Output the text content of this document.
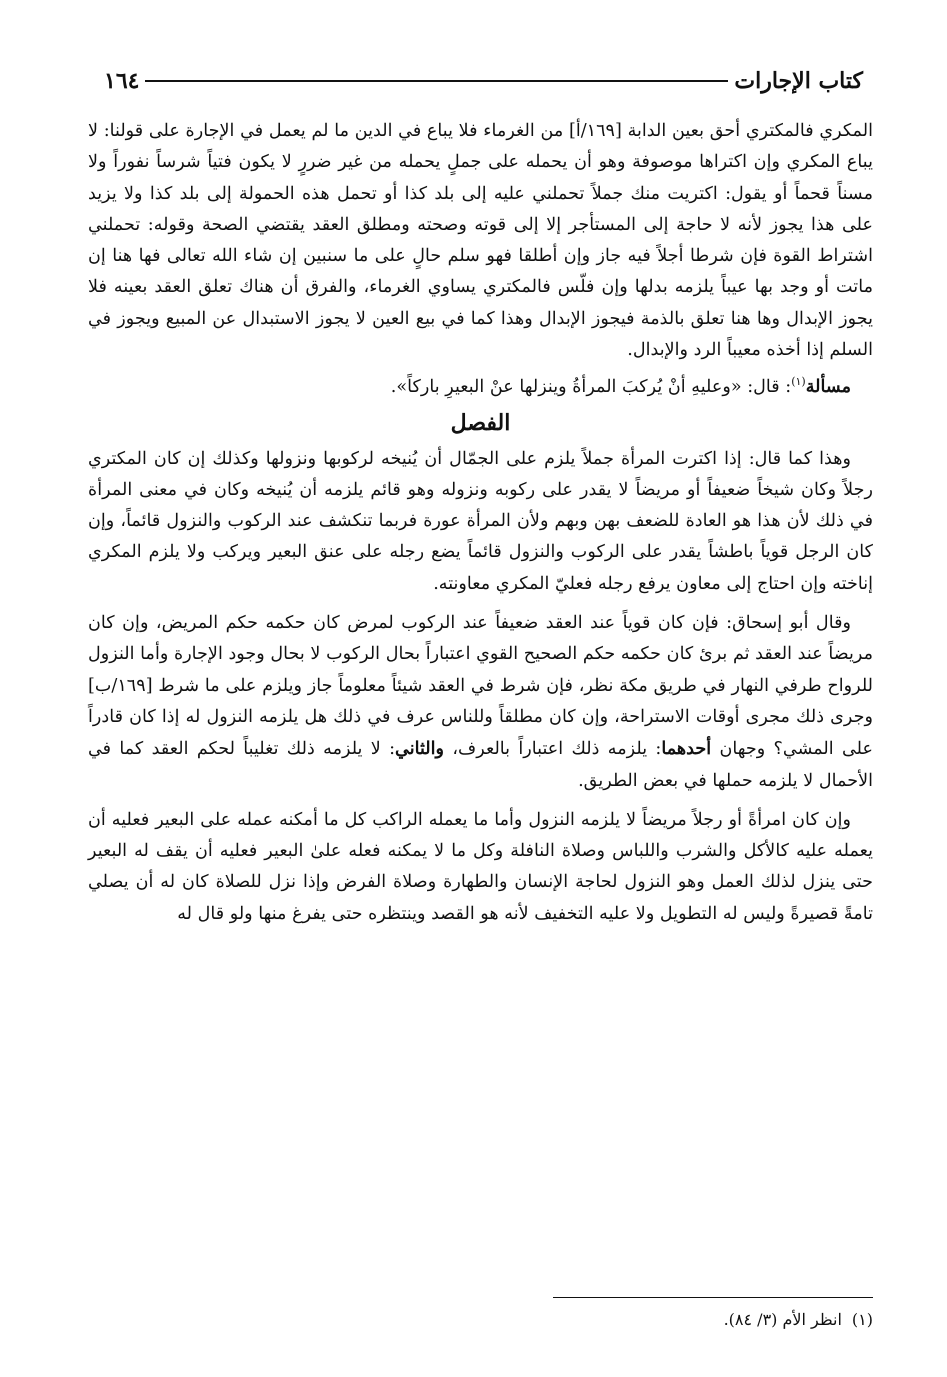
كتاب الإجارات
١٦٤

المكري فالمكتري أحق بعين الدابة [١٦٩/أ] من الغرماء فلا يباع في الدين ما لم يعمل في الإجارة على قولنا: لا يباع المكري وإن اكتراها موصوفة وهو أن يحمله على جملٍ يحمله من غير ضررٍ لا يكون فتياً شرساً نفوراً ولا مسناً قحماً أو يقول: اكتريت منك جملاً تحملني عليه إلى بلد كذا أو تحمل هذه الحمولة إلى بلد كذا ولا يزيد على هذا يجوز لأنه لا حاجة إلى المستأجر إلا إلى قوته وصحته ومطلق العقد يقتضي الصحة وقوله: تحملني اشتراط القوة فإن شرطا أجلاً فيه جاز وإن أطلقا فهو سلم حالٍ على ما سنبين إن شاء الله تعالى فها هنا إن ماتت أو وجد بها عيباً يلزمه بدلها وإن فلّس فالمكتري يساوي الغرماء، والفرق أن هناك تعلق العقد بعينه فلا يجوز الإبدال وها هنا تعلق بالذمة فيجوز الإبدال وهذا كما في بيع العين لا يجوز الاستبدال عن المبيع ويجوز في السلم إذا أخذه معيباً الرد والإبدال.

مسألة$^{(١)}$: قال: «وعليهِ أنْ يُركبَ المرأةُ وينزلها عنْ البعيرِ باركاً».

الفصل

وهذا كما قال: إذا اكترت المرأة جملاً يلزم على الجمّال أن يُنيخه لركوبها ونزولها وكذلك إن كان المكتري رجلاً وكان شيخاً ضعيفاً أو مريضاً لا يقدر على ركوبه ونزوله وهو قائم يلزمه أن يُنيخه وكان في معنى المرأة في ذلك لأن هذا هو العادة للضعف بهن وبهم ولأن المرأة عورة فربما تنكشف عند الركوب والنزول قائماً، وإن كان الرجل قوياً باطشاً يقدر على الركوب والنزول قائماً يضع رجله على عنق البعير ويركب ولا يلزم المكري إناخته وإن احتاج إلى معاون يرفع رجله فعليّ المكري معاونته.

وقال أبو إسحاق: فإن كان قوياً عند العقد ضعيفاً عند الركوب لمرض كان حكمه حكم المريض، وإن كان مريضاً عند العقد ثم برئ كان حكمه حكم الصحيح القوي اعتباراً بحال الركوب لا بحال وجود الإجارة وأما النزول للرواح طرفي النهار في طريق مكة نظر، فإن شرط في العقد شيئاً معلوماً جاز ويلزم على ما شرط [١٦٩/ب] وجرى ذلك مجرى أوقات الاستراحة، وإن كان مطلقاً وللناس عرف في ذلك هل يلزمه النزول له إذا كان قادراً على المشي؟ وجهان أحدهما: يلزمه ذلك اعتباراً بالعرف، والثاني: لا يلزمه ذلك تغليباً لحكم العقد كما في الأحمال لا يلزمه حملها في بعض الطريق.

وإن كان امرأةً أو رجلاً مريضاً لا يلزمه النزول وأما ما يعمله الراكب كل ما أمكنه عمله على البعير فعليه أن يعمله عليه كالأكل والشرب واللباس وصلاة النافلة وكل ما لا يمكنه فعله علىٰ البعير فعليه أن يقف له البعير حتى ينزل لذلك العمل وهو النزول لحاجة الإنسان والطهارة وصلاة الفرض وإذا نزل للصلاة كان له أن يصلي تامةً قصيرةً وليس له التطويل ولا عليه التخفيف لأنه هو القصد وينتظره حتى يفرغ منها ولو قال له

(١)انظر الأم (٣/ ٨٤).
